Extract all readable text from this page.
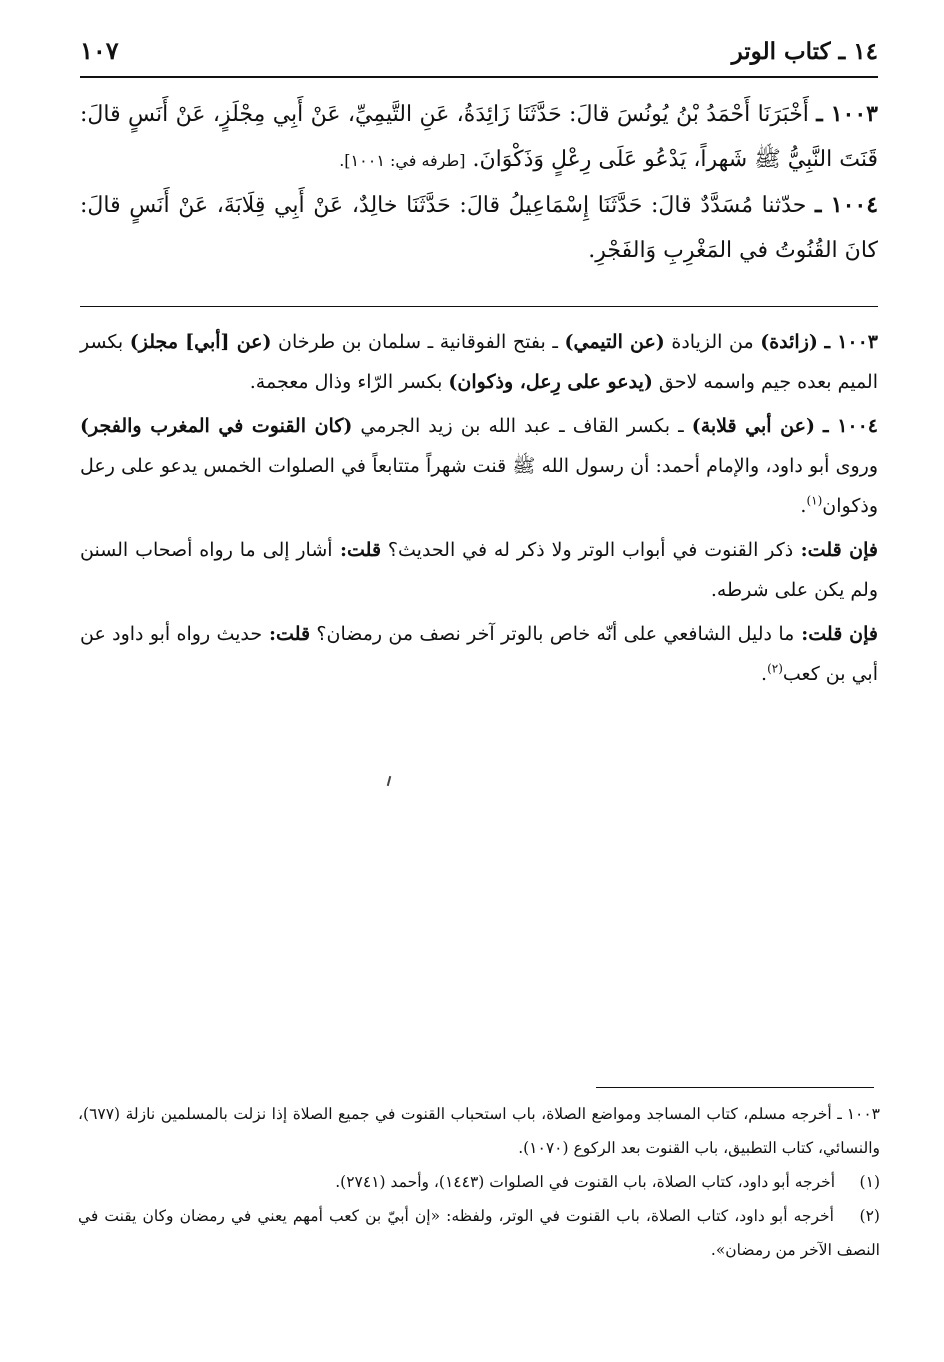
١٤ ـ كتاب الوتر
١٠٧

١٠٠٣ ـ أَخْبَرَنَا أَحْمَدُ بْنُ يُونُسَ قالَ: حَدَّثَنَا زَائِدَةُ، عَنِ التَّيمِيِّ، عَنْ أَبِي مِجْلَزٍ، عَنْ أَنَسٍ قالَ: قَنَتَ النَّبِيُّ ﷺ شَهراً، يَدْعُو عَلَى رِعْلٍ وَذَكْوَانَ. [طرفه في: ١٠٠١].

١٠٠٤ ـ حدّثنا مُسَدَّدٌ قالَ: حَدَّثَنَا إِسْمَاعِيلُ قالَ: حَدَّثَنَا خالِدٌ، عَنْ أَبِي قِلَابَةَ، عَنْ أَنَسٍ قالَ: كانَ القُنُوتُ في المَغْرِبِ وَالفَجْرِ.

١٠٠٣ ـ (زائدة) من الزيادة (عن التيمي) ـ بفتح الفوقانية ـ سلمان بن طرخان (عن [أبي] مجلز) بكسر الميم بعده جيم واسمه لاحق (يدعو على رِعل، وذكوان) بكسر الرّاء وذال معجمة.

١٠٠٤ ـ (عن أبي قلابة) ـ بكسر القاف ـ عبد الله بن زيد الجرمي (كان القنوت في المغرب والفجر) وروى أبو داود، والإمام أحمد: أن رسول الله ﷺ قنت شهراً متتابعاً في الصلوات الخمس يدعو على رعل وذكوان$^{(١)}$.

فإن قلت: ذكر القنوت في أبواب الوتر ولا ذكر له في الحديث؟ قلت: أشار إلى ما رواه أصحاب السنن ولم يكن على شرطه.

فإن قلت: ما دليل الشافعي على أنّه خاص بالوتر آخر نصف من رمضان؟ قلت: حديث رواه أبو داود عن أبي بن كعب$^{(٢)}$.

١٠٠٣ ـ أخرجه مسلم، كتاب المساجد ومواضع الصلاة، باب استحباب القنوت في جميع الصلاة إذا نزلت بالمسلمين نازلة (٦٧٧)، والنسائي، كتاب التطبيق، باب القنوت بعد الركوع (١٠٧٠).

(١) أخرجه أبو داود، كتاب الصلاة، باب القنوت في الصلوات (١٤٤٣)، وأحمد (٢٧٤١).

(٢) أخرجه أبو داود، كتاب الصلاة، باب القنوت في الوتر، ولفظه: «إن أبيّ بن كعب أمهم يعني في رمضان وكان يقنت في النصف الآخر من رمضان».
